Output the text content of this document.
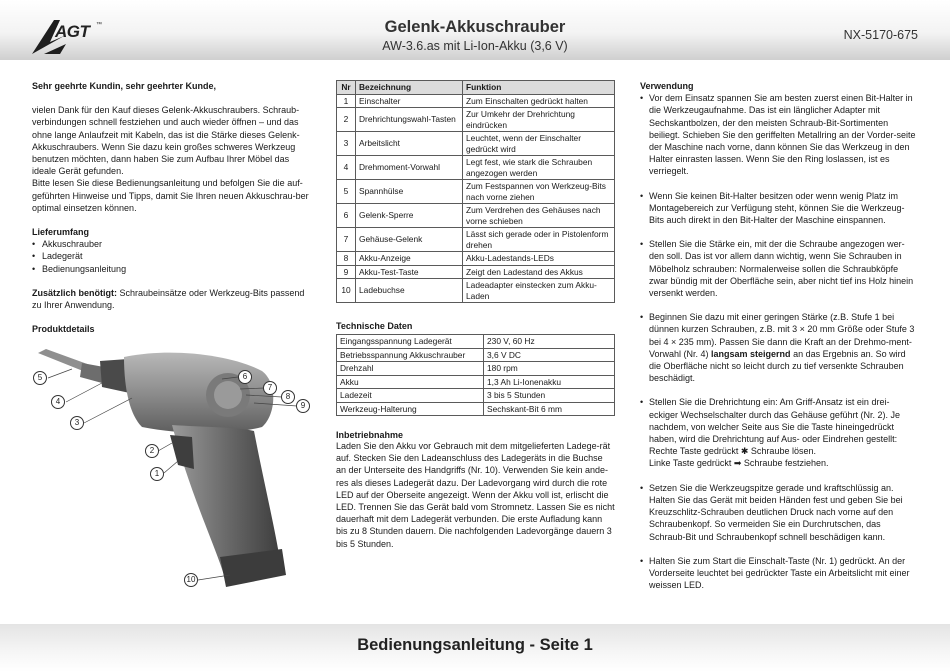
AGT ™	Gelenk-Akkuschrauber
AW-3.6.as mit Li-Ion-Akku (3,6 V)
NX-5170-675
Sehr geehrte Kundin, sehr geehrter Kunde,
vielen Dank für den Kauf dieses Gelenk-Akkuschraubers. Schraub-verbindungen schnell festziehen und auch wieder öffnen – und das ohne lange Anlaufzeit mit Kabeln, das ist die Stärke dieses Gelenk-Akkuschraubers. Wenn Sie dazu kein großes schweres Werkzeug benutzen möchten, dann haben Sie zum Aufbau Ihrer Möbel das ideale Gerät gefunden.
Bitte lesen Sie diese Bedienungsanleitung und befolgen Sie die auf-geführten Hinweise und Tipps, damit Sie Ihren neuen Akkuschrau-ber optimal einsetzen können.
Lieferumfang
• Akkuschrauber
• Ladegerät
• Bedienungsanleitung
Zusätzlich benötigt: Schraubeinsätze oder Werkzeug-Bits passend zu Ihrer Anwendung.
Produktdetails
5
4
3
2
1
6
7
8
9
10
Nr	Bezeichnung	Funktion
1	Einschalter	Zum Einschalten gedrückt halten
2	Drehrichtungswahl-Tasten	Zur Umkehr der Drehrichtung eindrücken
3	Arbeitslicht	Leuchtet, wenn der Einschalter gedrückt wird
4	Drehmoment-Vorwahl	Legt fest, wie stark die Schrauben angezogen werden
5	Spannhülse	Zum Festspannen von Werkzeug-Bits nach vorne ziehen
6	Gelenk-Sperre	Zum Verdrehen des Gehäuses nach vorne schieben
7	Gehäuse-Gelenk	Lässt sich gerade oder in Pistolenform drehen
8	Akku-Anzeige	Akku-Ladestands-LEDs
9	Akku-Test-Taste	Zeigt den Ladestand des Akkus
10	Ladebuchse	Ladeadapter einstecken zum Akku-Laden
Technische Daten
Eingangsspannung Ladegerät	230 V, 60 Hz
Betriebsspannung Akkuschrauber	3,6 V DC
Drehzahl	180 rpm
Akku	1,3 Ah Li-Ionenakku
Ladezeit	3 bis 5 Stunden
Werkzeug-Halterung	Sechskant-Bit 6 mm
Inbetriebnahme
Laden Sie den Akku vor Gebrauch mit dem mitgelieferten Ladege-rät auf. Stecken Sie den Ladeanschluss des Ladegeräts in die Buchse an der Unterseite des Handgriffs (Nr. 10). Verwenden Sie kein ande-res als dieses Ladegerät dazu. Der Ladevorgang wird durch die rote LED auf der Oberseite angezeigt. Wenn der Akku voll ist, erlischt die LED. Trennen Sie das Gerät bald vom Stromnetz. Lassen Sie es nicht dauerhaft mit dem Ladegerät verbunden. Die erste Aufladung kann bis zu 8 Stunden dauern. Die nachfolgenden Ladevorgänge dauern 3 bis 5 Stunden.
Verwendung

• Vor dem Einsatz spannen Sie am besten zuerst einen Bit-Halter in die Werkzeugaufnahme. Das ist ein länglicher Adapter mit Sechskantbolzen, der den meisten Schraub-Bit-Sortimenten beiliegt. Schieben Sie den geriffelten Metallring an der Vorder-seite der Maschine nach vorne, dann können Sie das Werkzeug in den Halter einrasten lassen. Wenn Sie den Ring loslassen, ist es verriegelt.

• Wenn Sie keinen Bit-Halter besitzen oder wenn wenig Platz im Montagebereich zur Verfügung steht, können Sie die Werkzeug-Bits auch direkt in den Bit-Halter der Maschine einspannen.

• Stellen Sie die Stärke ein, mit der die Schraube angezogen wer-den soll. Das ist vor allem dann wichtig, wenn Sie Schrauben in Möbelholz schrauben: Normalerweise sollen die Schraubköpfe zwar bündig mit der Oberfläche sein, aber nicht tief ins Holz hinein versenkt werden.

• Beginnen Sie dazu mit einer geringen Stärke (z.B. Stufe 1 bei dünnen kurzen Schrauben, z.B. mit 3 × 20 mm Größe oder Stufe 3 bei 4 × 235 mm). Passen Sie dann die Kraft an der Drehmo-ment-Vorwahl (Nr. 4) langsam steigernd an das Ergebnis an. So wird die Oberfläche nicht so leicht durch zu tief versenkte Schrauben beschädigt.

• Stellen Sie die Drehrichtung ein: Am Griff-Ansatz ist ein drei-eckiger Wechselschalter durch das Gehäuse geführt (Nr. 2). Je nachdem, von welcher Seite aus Sie die Taste hineingedrückt haben, wird die Drehrichtung auf Aus- oder Eindrehen gestellt:
Rechte Taste gedrückt ✱ Schraube lösen.
Linke Taste gedrückt ➡ Schraube festziehen.

• Setzen Sie die Werkzeugspitze gerade und kraftschlüssig an. Halten Sie das Gerät mit beiden Händen fest und geben Sie bei Kreuzschlitz-Schrauben deutlichen Druck nach vorne auf den Schraubenkopf. So vermeiden Sie ein Durchrutschen, das Schraub-Bit und Schraubenkopf schnell beschädigen kann.

• Halten Sie zum Start die Einschalt-Taste (Nr. 1) gedrückt. An der Vorderseite leuchtet bei gedrückter Taste ein Arbeitslicht mit einer weissen LED.

Bedienungsanleitung - Seite 1
